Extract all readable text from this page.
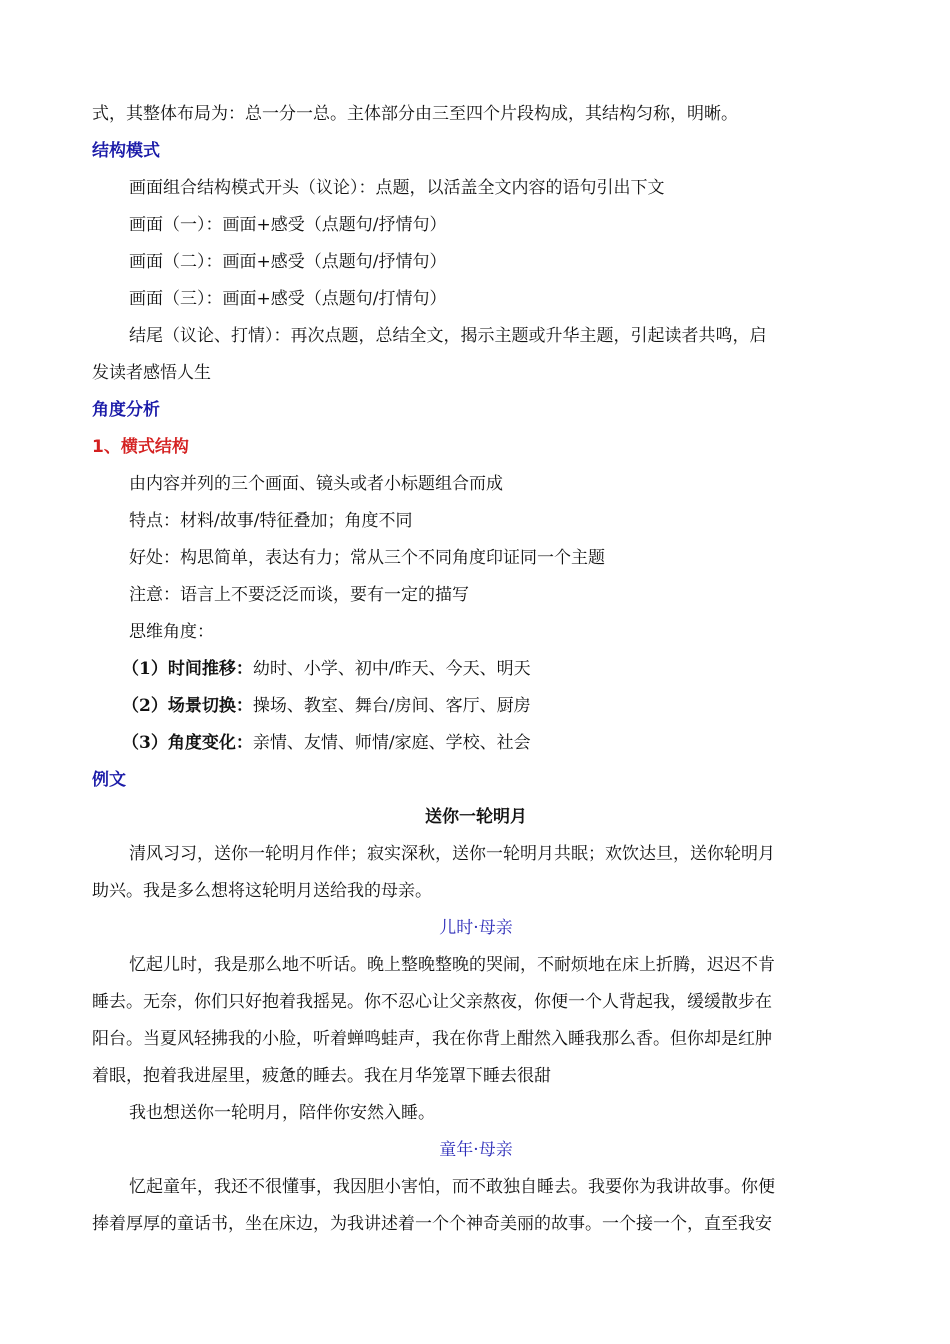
式，其整体布局为：总一分一总。主体部分由三至四个片段构成，其结构匀称，明晰。

结构模式

画面组合结构模式开头（议论）：点题，以活盖全文内容的语句引出下文

画面（一）：画面+感受（点题句/抒情句）

画面（二）：画面+感受（点题句/抒情句）

画面（三）：画面+感受（点题句/打情句）

结尾（议论、打情）：再次点题，总结全文，揭示主题或升华主题，引起读者共鸣，启

发读者感悟人生

角度分析

1、横式结构

由内容并列的三个画面、镜头或者小标题组合而成

特点：材料/故事/特征叠加；角度不同

好处：构思简单，表达有力；常从三个不同角度印证同一个主题

注意：语言上不要泛泛而谈，要有一定的描写

思维角度：

（1）时间推移：幼时、小学、初中/昨天、今天、明天

（2）场景切换：操场、教室、舞台/房间、客厅、厨房

（3）角度变化：亲情、友情、师情/家庭、学校、社会

例文

送你一轮明月

清风习习，送你一轮明月作伴；寂实深秋，送你一轮明月共眠；欢饮达旦，送你轮明月

助兴。我是多么想将这轮明月送给我的母亲。

儿时·母亲

忆起儿时，我是那么地不听话。晚上整晚整晚的哭闹，不耐烦地在床上折腾，迟迟不肯

睡去。无奈，你们只好抱着我摇晃。你不忍心让父亲熬夜，你便一个人背起我，缓缓散步在

阳台。当夏风轻拂我的小脸，听着蝉鸣蛙声，我在你背上酣然入睡我那么香。但你却是红肿

着眼，抱着我进屋里，疲惫的睡去。我在月华笼罩下睡去很甜

我也想送你一轮明月，陪伴你安然入睡。

童年·母亲

忆起童年，我还不很懂事，我因胆小害怕，而不敢独自睡去。我要你为我讲故事。你便

捧着厚厚的童话书，坐在床边，为我讲述着一个个神奇美丽的故事。一个接一个，直至我安
